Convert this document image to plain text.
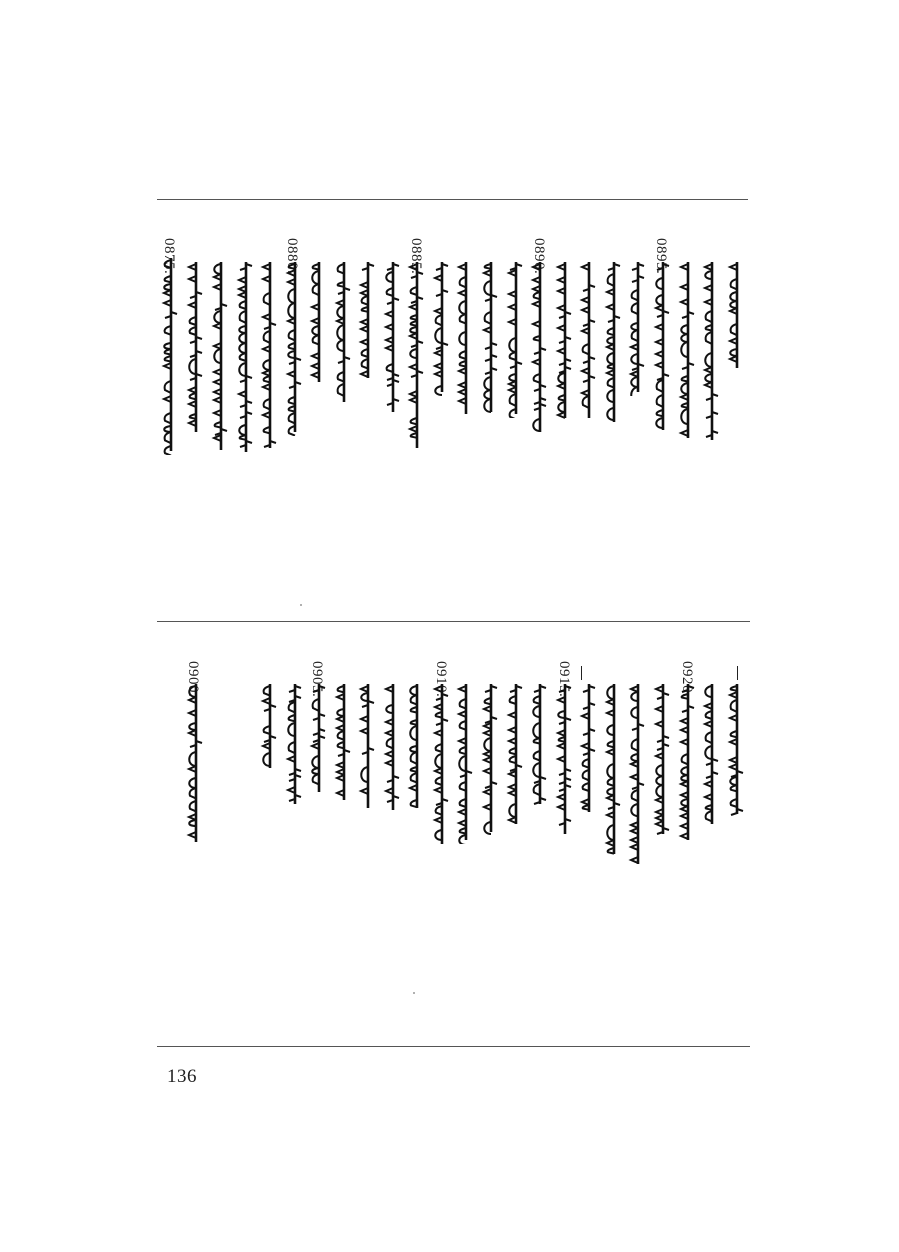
0875.	0880.	0885.	0890.	0895.
0900.	0905.	0910.	0915.	0920.
136
